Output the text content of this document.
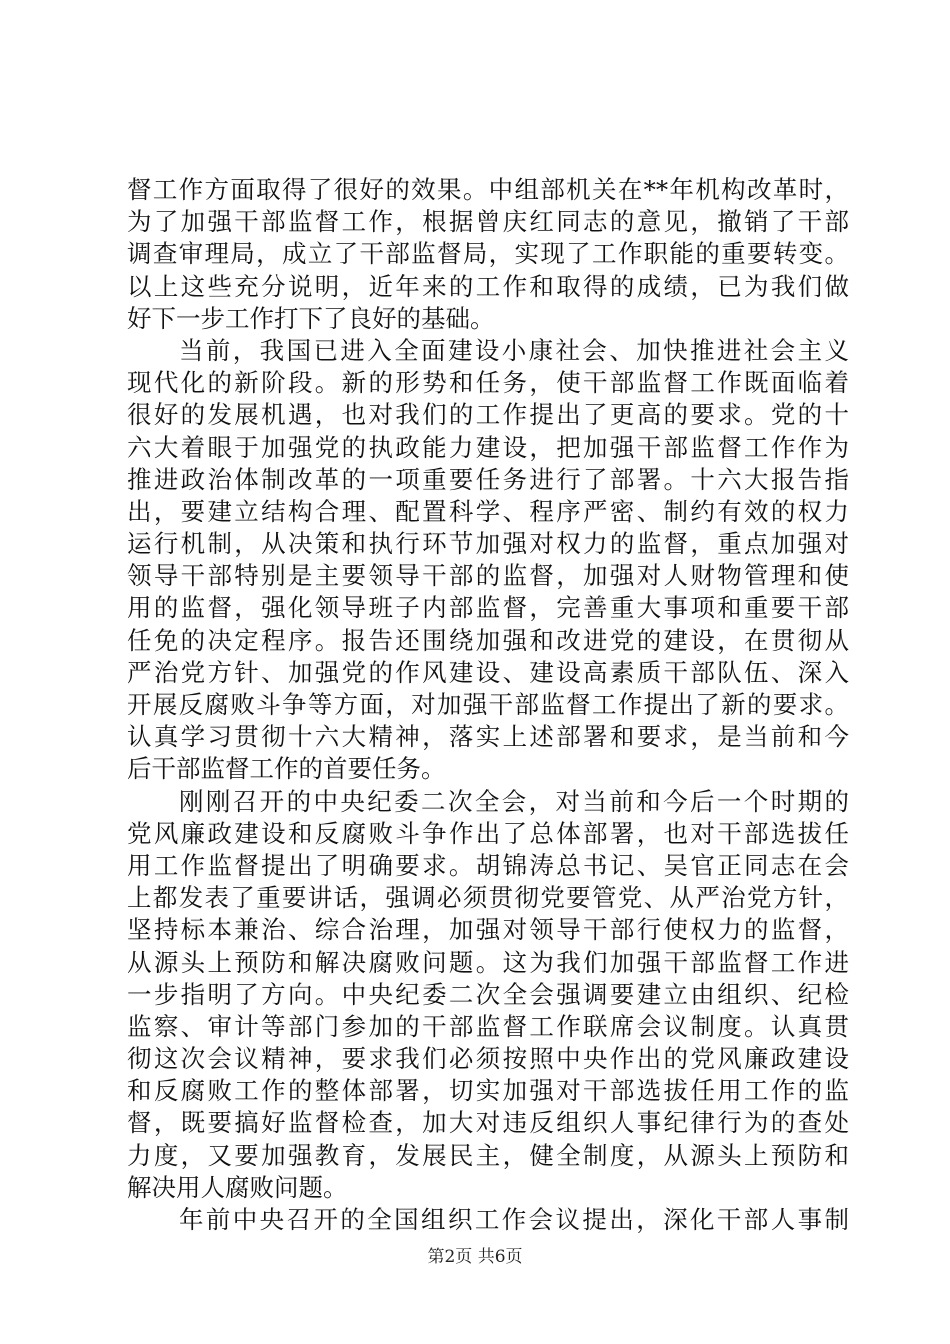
督工作方面取得了很好的效果。中组部机关在**年机构改革时，
为了加强干部监督工作，根据曾庆红同志的意见，撤销了干部
调查审理局，成立了干部监督局，实现了工作职能的重要转变。
以上这些充分说明，近年来的工作和取得的成绩，已为我们做
好下一步工作打下了良好的基础。
当前，我国已进入全面建设小康社会、加快推进社会主义
现代化的新阶段。新的形势和任务，使干部监督工作既面临着
很好的发展机遇，也对我们的工作提出了更高的要求。党的十
六大着眼于加强党的执政能力建设，把加强干部监督工作作为
推进政治体制改革的一项重要任务进行了部署。十六大报告指
出，要建立结构合理、配置科学、程序严密、制约有效的权力
运行机制，从决策和执行环节加强对权力的监督，重点加强对
领导干部特别是主要领导干部的监督，加强对人财物管理和使
用的监督，强化领导班子内部监督，完善重大事项和重要干部
任免的决定程序。报告还围绕加强和改进党的建设，在贯彻从
严治党方针、加强党的作风建设、建设高素质干部队伍、深入
开展反腐败斗争等方面，对加强干部监督工作提出了新的要求。
认真学习贯彻十六大精神，落实上述部署和要求，是当前和今
后干部监督工作的首要任务。
刚刚召开的中央纪委二次全会，对当前和今后一个时期的
党风廉政建设和反腐败斗争作出了总体部署，也对干部选拔任
用工作监督提出了明确要求。胡锦涛总书记、吴官正同志在会
上都发表了重要讲话，强调必须贯彻党要管党、从严治党方针，
坚持标本兼治、综合治理，加强对领导干部行使权力的监督，
从源头上预防和解决腐败问题。这为我们加强干部监督工作进
一步指明了方向。中央纪委二次全会强调要建立由组织、纪检
监察、审计等部门参加的干部监督工作联席会议制度。认真贯
彻这次会议精神，要求我们必须按照中央作出的党风廉政建设
和反腐败工作的整体部署，切实加强对干部选拔任用工作的监
督，既要搞好监督检查，加大对违反组织人事纪律行为的查处
力度，又要加强教育，发展民主，健全制度，从源头上预防和
解决用人腐败问题。
年前中央召开的全国组织工作会议提出，深化干部人事制
第2页 共6页
